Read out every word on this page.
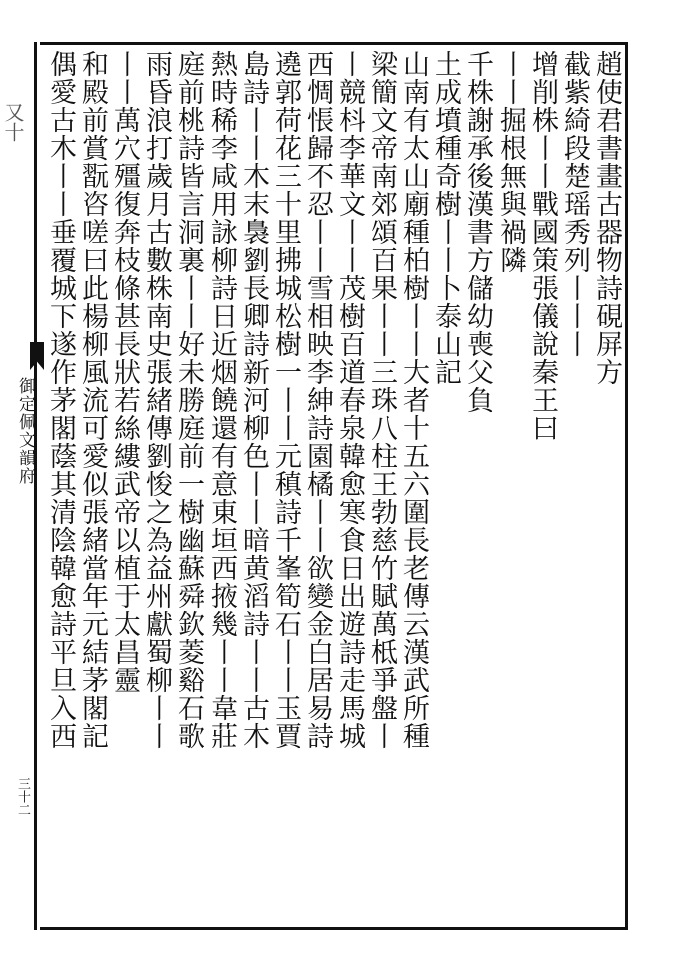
又十
御定佩文韻府
三十二
趙使君書畫古器物詩硯屏方
截紫綺段楚瑶秀列丨丨丨
增削株丨丨戰國策張儀說秦王曰
丨丨掘根無與禍隣
千株謝承後漢書方儲幼喪父負
土成墳種奇樹丨丨卜泰山記
山南有太山廟種柏樹丨丨大者十五六圍長老傳云漢武所種
梁簡文帝南郊頌百果丨丨三珠八柱王勃慈竹賦萬柢爭盤丨
丨競枓李華文丨丨茂樹百道春泉韓愈寒食日出遊詩走馬城
西惆悵歸不忍丨丨雪相映李紳詩園橘丨丨欲變金白居易詩
遶郭荷花三十里拂城松樹一丨丨元稹詩千峯筍石丨丨玉賈
島詩丨丨木末裊劉長卿詩新河柳色丨丨暗黄滔詩丨丨古木
熱時稀李咸用詠柳詩日近烟饒還有意東垣西掖幾丨丨韋莊
庭前桃詩皆言洞裏丨丨好未勝庭前一樹幽蘇舜欽菱谿石歌
雨昏浪打歲月古數株南史張緒傳劉悛之為益州獻蜀柳丨丨
丨丨萬穴殭復奔枝條甚長狀若絲縷武帝以植于太昌靈
和殿前賞翫咨嗟曰此楊柳風流可愛似張緒當年元結茅閣記
偶愛古木丨丨垂覆城下遂作茅閣蔭其清陰韓愈詩平旦入西
